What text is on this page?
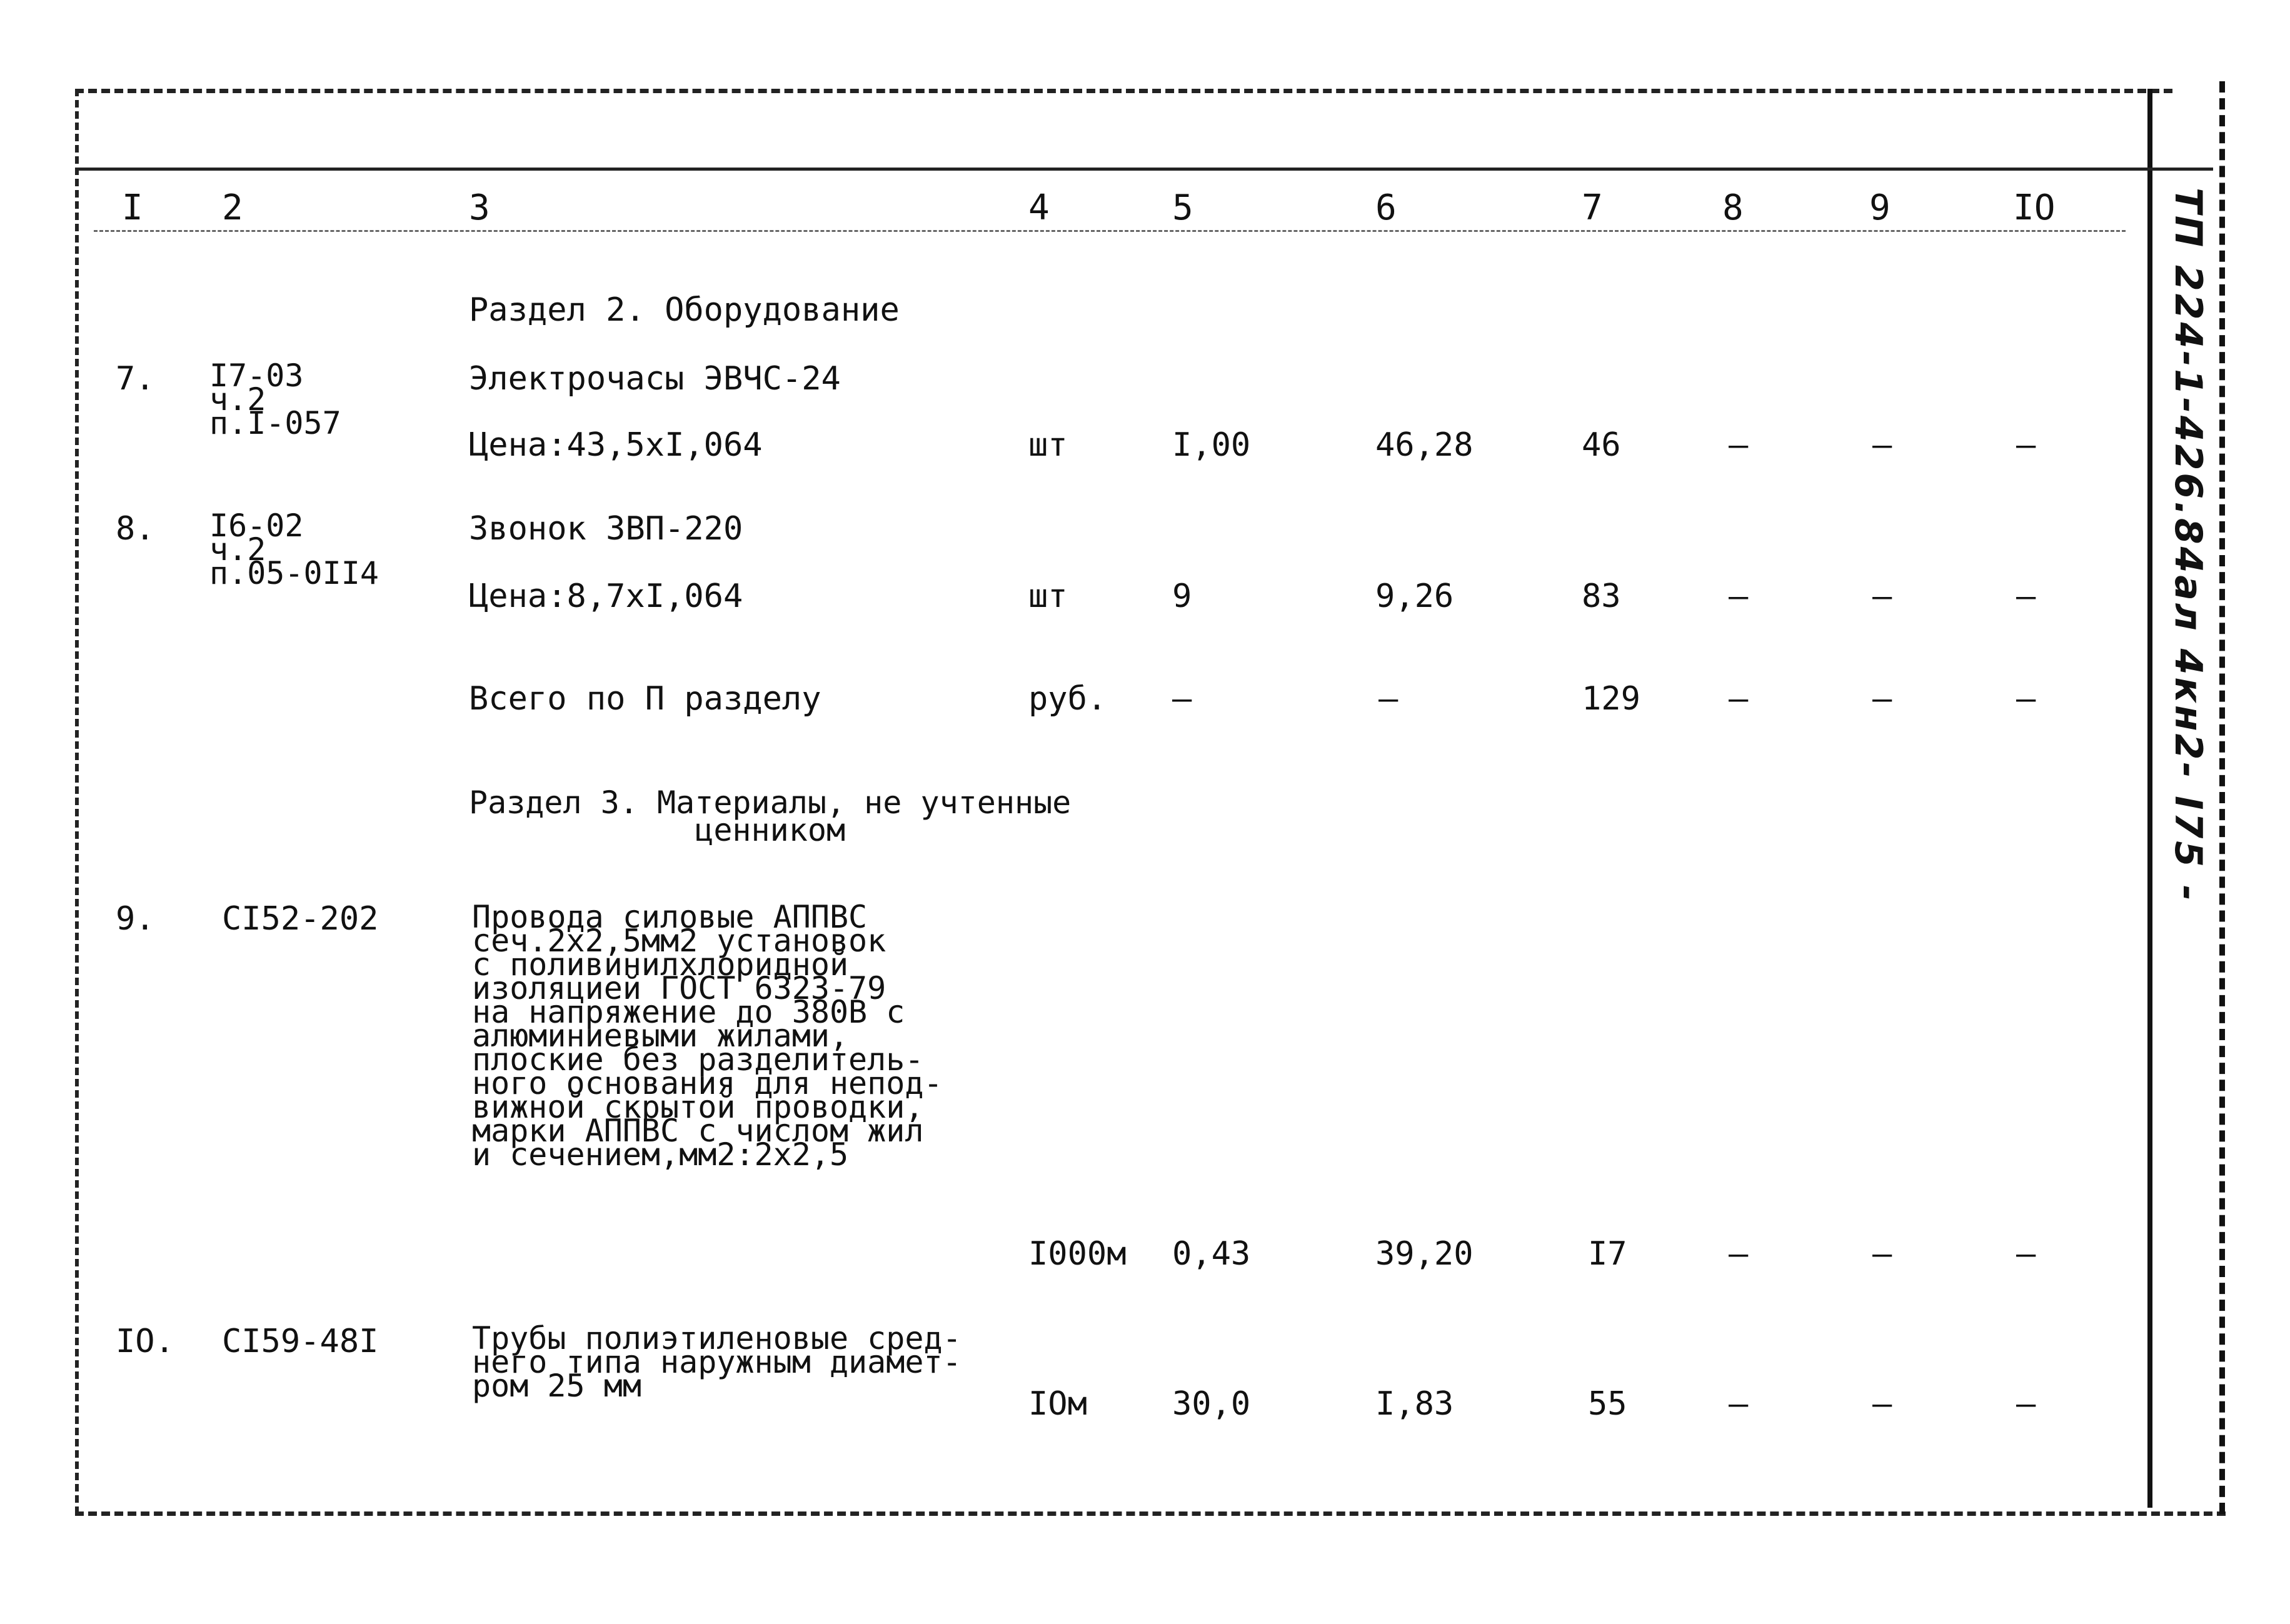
ТП 224-1-426.84ал 4кн2- I75 -
I 2	3	4	5	6	7	8	9	IO
Раздел 2. Оборудование
7. I7-03
ч.2
п.I-057
Электрочасы ЭВЧС-24
Цена:43,5хI,064	шт	I,00	46,28	46	–	–	–
8. I6-02
ч.2
п.05-0II4
Звонок ЗВП-220
Цена:8,7хI,064	шт	9	9,26	83	–	–	–
Всего по П разделу	руб. –	–	129	–	–	–
Раздел 3. Материалы, не учтенные
ценником
9. CI52-202	Провода силовые АППВС
сеч.2х2,5мм2 установок
с поливинилхлоридной
изоляцией ГОСТ 6323-79
на напряжение до 380В с
алюминиевыми жилами,
плоские без разделитель-
ного основания для непод-
вижной скрытой проводки,
марки АППВС с числом жил
и сечением,мм2:2х2,5
I000м 0,43	39,20	I7	–	–	–
IO. CI59-48I	Трубы полиэтиленовые сред-
него типа наружным диамет-
ром 25 мм	IOм	30,0	I,83	55	–	–	–
